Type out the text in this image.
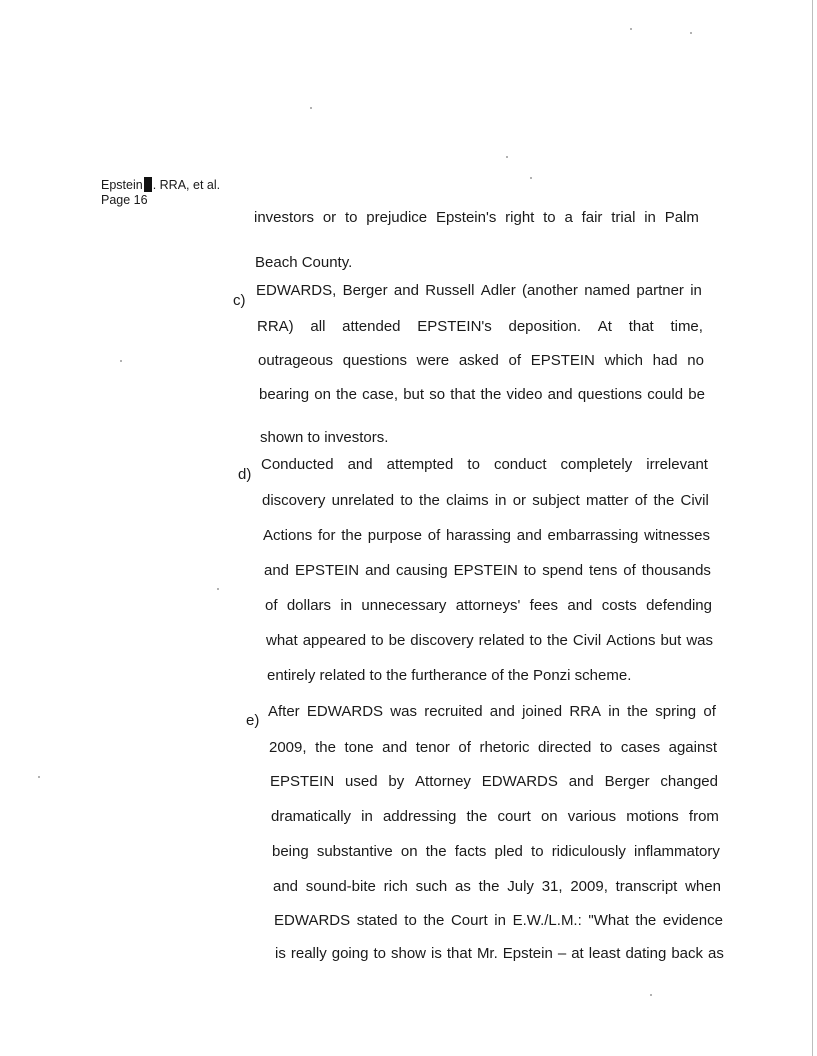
Epstein . RRA, et al.
Page 16
investors or to prejudice Epstein's right to a fair trial in Palm
Beach County.
c)
EDWARDS, Berger and Russell Adler (another named partner in
RRA) all attended EPSTEIN's deposition. At that time,
outrageous questions were asked of EPSTEIN which had no
bearing on the case, but so that the video and questions could be
shown to investors.
d)
Conducted and attempted to conduct completely irrelevant
discovery unrelated to the claims in or subject matter of the Civil
Actions for the purpose of harassing and embarrassing witnesses
and EPSTEIN and causing EPSTEIN to spend tens of thousands
of dollars in unnecessary attorneys' fees and costs defending
what appeared to be discovery related to the Civil Actions but was
entirely related to the furtherance of the Ponzi scheme.
e)
After EDWARDS was recruited and joined RRA in the spring of
2009, the tone and tenor of rhetoric directed to cases against
EPSTEIN used by Attorney EDWARDS and Berger changed
dramatically in addressing the court on various motions from
being substantive on the facts pled to ridiculously inflammatory
and sound-bite rich such as the July 31, 2009, transcript when
EDWARDS stated to the Court in E.W./L.M.: "What the evidence
is really going to show is that Mr. Epstein – at least dating back as
